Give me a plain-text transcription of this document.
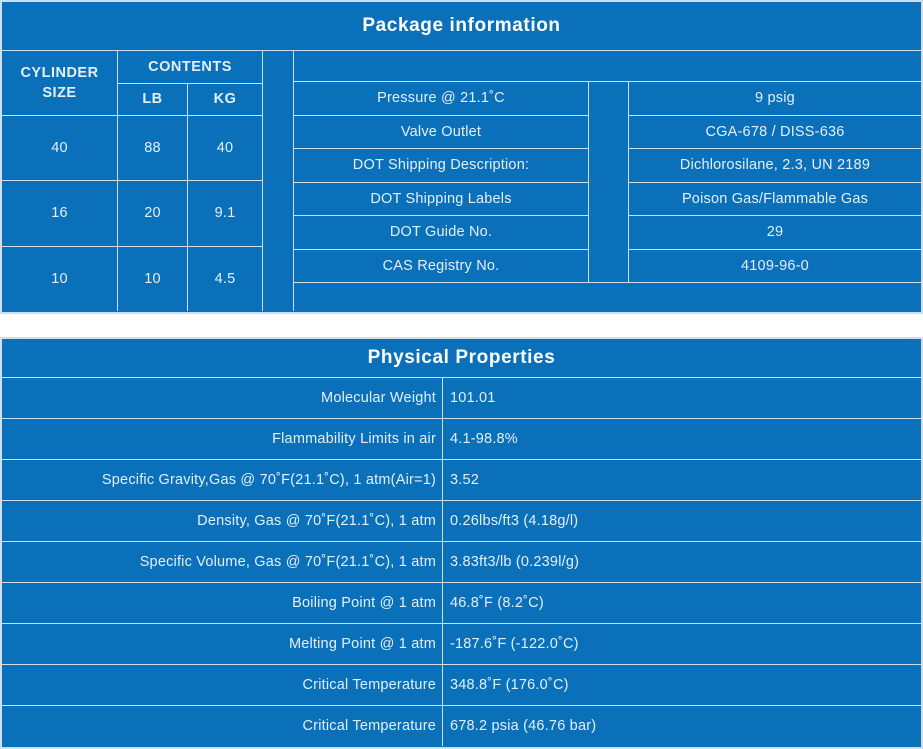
Package information
CYLINDER SIZE
CONTENTS
LB	KG
40	88	40
16	20	9.1
10	10	4.5
Pressure @ 21.1˚C	9 psig
Valve Outlet	CGA-678 / DISS-636
DOT Shipping Description:	Dichlorosilane, 2.3, UN 2189
DOT Shipping Labels	Poison Gas/Flammable Gas
DOT Guide No.	29
CAS Registry No.	4109-96-0
Physical Properties
Molecular Weight 101.01
Flammability Limits in air 4.1-98.8%
Specific Gravity,Gas @ 70˚F(21.1˚C), 1 atm(Air=1) 3.52
Density, Gas @ 70˚F(21.1˚C), 1 atm 0.26lbs/ft3 (4.18g/l)
Specific Volume, Gas @ 70˚F(21.1˚C), 1 atm 3.83ft3/lb (0.239l/g)
Boiling Point @ 1 atm 46.8˚F (8.2˚C)
Melting Point @ 1 atm -187.6˚F (-122.0˚C)
Critical Temperature 348.8˚F (176.0˚C)
Critical Temperature 678.2 psia (46.76 bar)
